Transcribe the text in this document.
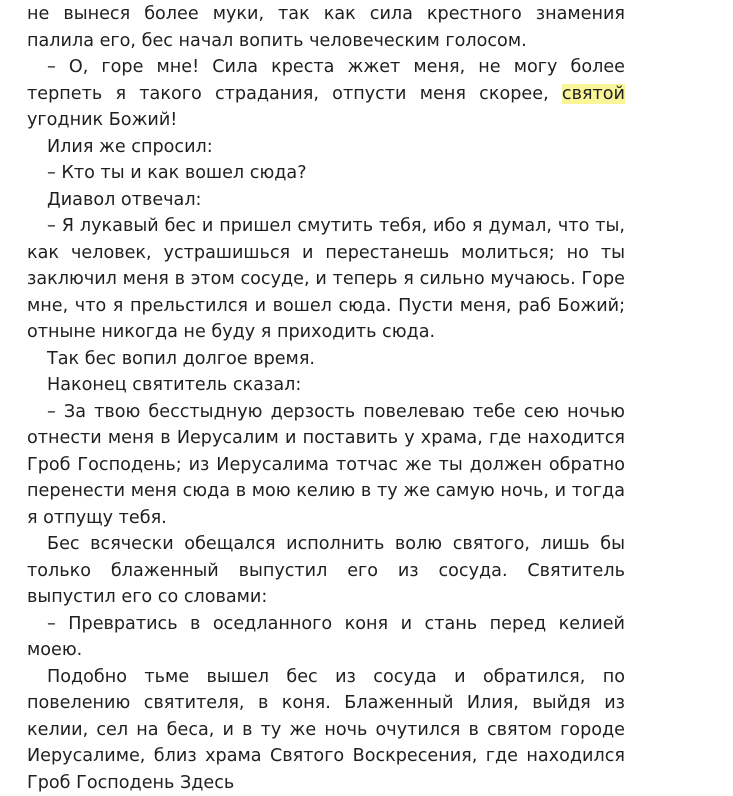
не вынеся более муки, так как сила крестного знамения палила его, бес начал вопить человеческим голосом.

– О, горе мне! Сила креста жжет меня, не могу более терпеть я такого страдания, отпусти меня скорее, святой угодник Божий!

Илия же спросил:

– Кто ты и как вошел сюда?

Диавол отвечал:

– Я лукавый бес и пришел смутить тебя, ибо я думал, что ты, как человек, устрашишься и перестанешь молиться; но ты заключил меня в этом сосуде, и теперь я сильно мучаюсь. Горе мне, что я прельстился и вошел сюда. Пусти меня, раб Божий; отныне никогда не буду я приходить сюда.

Так бес вопил долгое время.

Наконец святитель сказал:

– За твою бесстыдную дерзость повелеваю тебе сею ночью отнести меня в Иерусалим и поставить у храма, где находится Гроб Господень; из Иерусалима тотчас же ты должен обратно перенести меня сюда в мою келию в ту же самую ночь, и тогда я отпущу тебя.

Бес всячески обещался исполнить волю святого, лишь бы только блаженный выпустил его из сосуда. Святитель выпустил его со словами:

– Превратись в оседланного коня и стань перед келией моею.

Подобно тьме вышел бес из сосуда и обратился, по повелению святителя, в коня. Блаженный Илия, выйдя из келии, сел на беса, и в ту же ночь очутился в святом городе Иерусалиме, близ храма Святого Воскресения, где находился Гроб Господень Здесь
